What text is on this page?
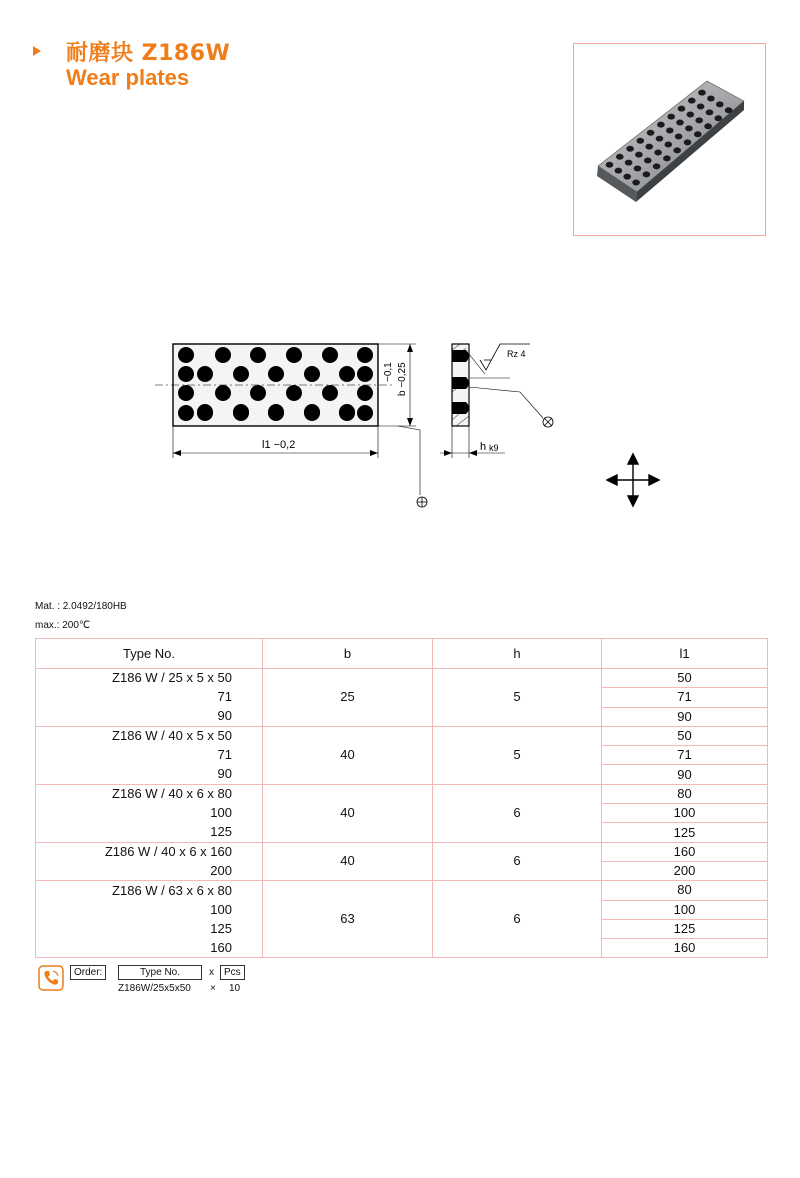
耐磨块 Z186W
Wear plates
−0,1 b −0,25
l1 −0,2	h k9
Rz 4
Mat. : 2.0492/180HB
max.: 200℃
Type No.	b	h	l1
Z186 W / 25 x 5 x 50	25	5	50
71			71
90			90
Z186 W / 40 x 5 x 50	40	5	50
71			71
90			90
Z186 W / 40 x 6 x 80	40	6	80
100			100
125			125
Z186 W / 40 x 6 x 160	40	6	160
200			200
Z186 W / 63 x 6 x 80	63	6	80
100			100
125			125
160			160
Order:	Type No.	x	Pcs
Z186W/25x5x50 × 10
